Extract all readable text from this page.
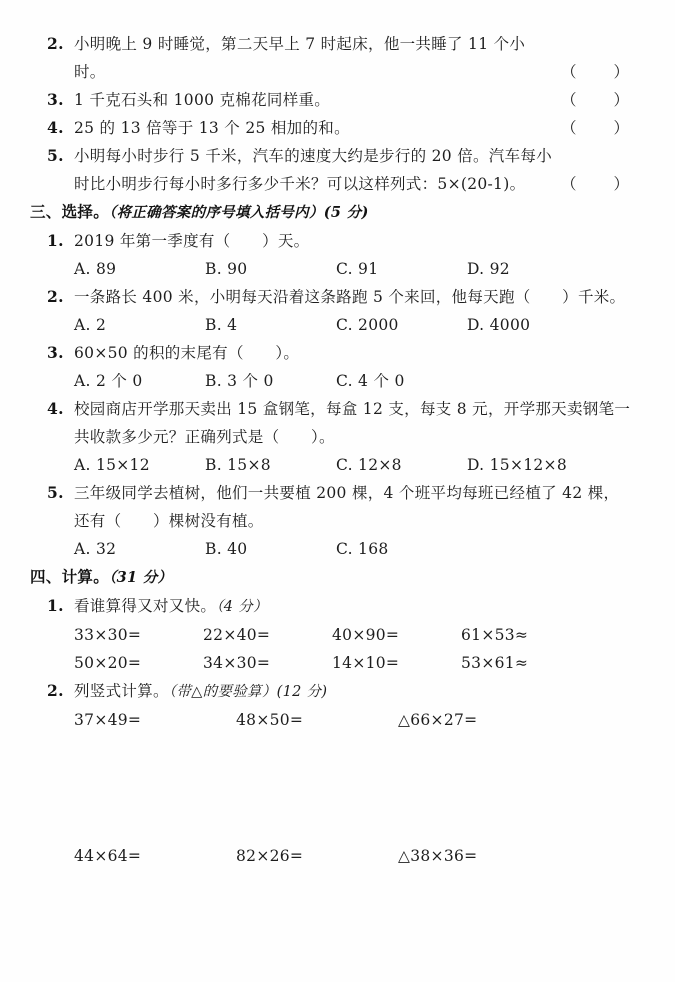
2. 小明晚上 9 时睡觉，第二天早上 7 时起床，他一共睡了 11 个小时。	（　　）
3. 1 千克石头和 1000 克棉花同样重。	（　　）
4. 25 的 13 倍等于 13 个 25 相加的和。	（　　）
5. 小明每小时步行 5 千米，汽车的速度大约是步行的 20 倍。汽车每小时比小明步行每小时多行多少千米？可以这样列式：5×(20-1)。	（　　）
三、选择。（将正确答案的序号填入括号内）(5 分)
1. 2019 年第一季度有（　　）天。
A. 89	B. 90	C. 91	D. 92
2. 一条路长 400 米，小明每天沿着这条路跑 5 个来回，他每天跑（　　）千米。
A. 2	B. 4	C. 2000	D. 4000
3. 60×50 的积的末尾有（　　）。
A. 2 个 0	B. 3 个 0	C. 4 个 0
4. 校园商店开学那天卖出 15 盒钢笔，每盒 12 支，每支 8 元，开学那天卖钢笔一共收款多少元？正确列式是（　　）。
A. 15×12	B. 15×8	C. 12×8	D. 15×12×8
5. 三年级同学去植树，他们一共要植 200 棵，4 个班平均每班已经植了 42 棵，还有（　　）棵树没有植。
A. 32	B. 40	C. 168
四、计算。（31 分）
1. 看谁算得又对又快。（4 分）
33×30=	22×40=	40×90=	61×53≈
50×20=	34×30=	14×10=	53×61≈
2. 列竖式计算。（带△的要验算）(12 分)
37×49=	48×50=	△66×27=
44×64=	82×26=	△38×36=
